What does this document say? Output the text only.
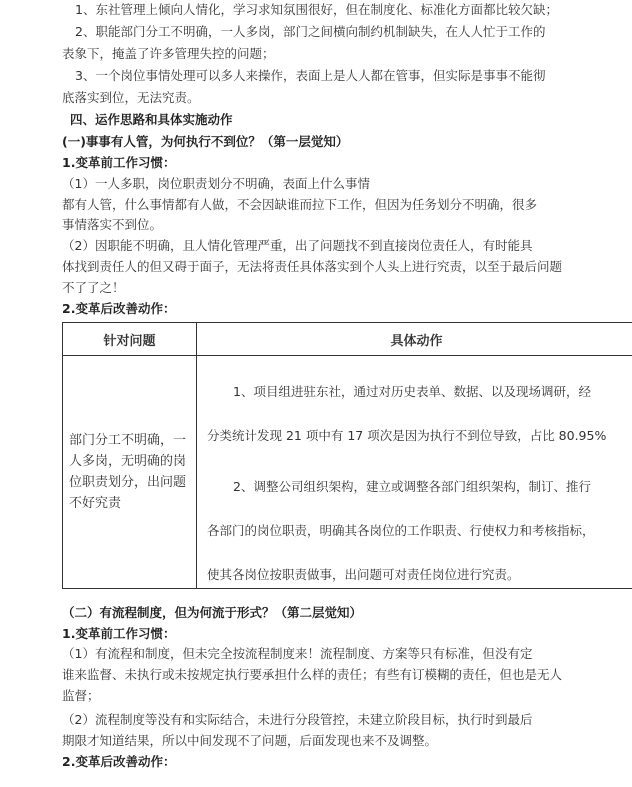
1、东社管理上倾向人情化，学习求知氛围很好，但在制度化、标准化方面都比较欠缺；
2、职能部门分工不明确，一人多岗，部门之间横向制约机制缺失，在人人忙于工作的
表象下，掩盖了许多管理失控的问题；
3、一个岗位事情处理可以多人来操作，表面上是人人都在管事，但实际是事事不能彻
底落实到位，无法究责。
四、运作思路和具体实施动作
(一)事事有人管，为何执行不到位？（第一层觉知）
1.变革前工作习惯：
（1）一人多职，岗位职责划分不明确，表面上什么事情
都有人管，什么事情都有人做，不会因缺谁而拉下工作，但因为任务划分不明确，很多
事情落实不到位。
（2）因职能不明确，且人情化管理严重，出了问题找不到直接岗位责任人，有时能具
体找到责任人的但又碍于面子，无法将责任具体落实到个人头上进行究责，以至于最后问题
不了了之！
2.变革后改善动作：
针对问题	具体动作
部门分工不明确，一人多岗，无明确的岗位职责划分，出问题不好究责	1、项目组进驻东社，通过对历史表单、数据、以及现场调研，经
分类统计发现 21 项中有 17 项次是因为执行不到位导致，占比 80.95%
2、调整公司组织架构，建立或调整各部门组织架构，制订、推行
各部门的岗位职责，明确其各岗位的工作职责、行使权力和考核指标，
使其各岗位按职责做事，出问题可对责任岗位进行究责。
（二）有流程制度，但为何流于形式？（第二层觉知）
1.变革前工作习惯：
（1）有流程和制度，但未完全按流程制度来！流程制度、方案等只有标准，但没有定
谁来监督、未执行或未按规定执行要承担什么样的责任；有些有订模糊的责任，但也是无人
监督；
（2）流程制度等没有和实际结合，未进行分段管控，未建立阶段目标，执行时到最后
期限才知道结果，所以中间发现不了问题，后面发现也来不及调整。
2.变革后改善动作：
